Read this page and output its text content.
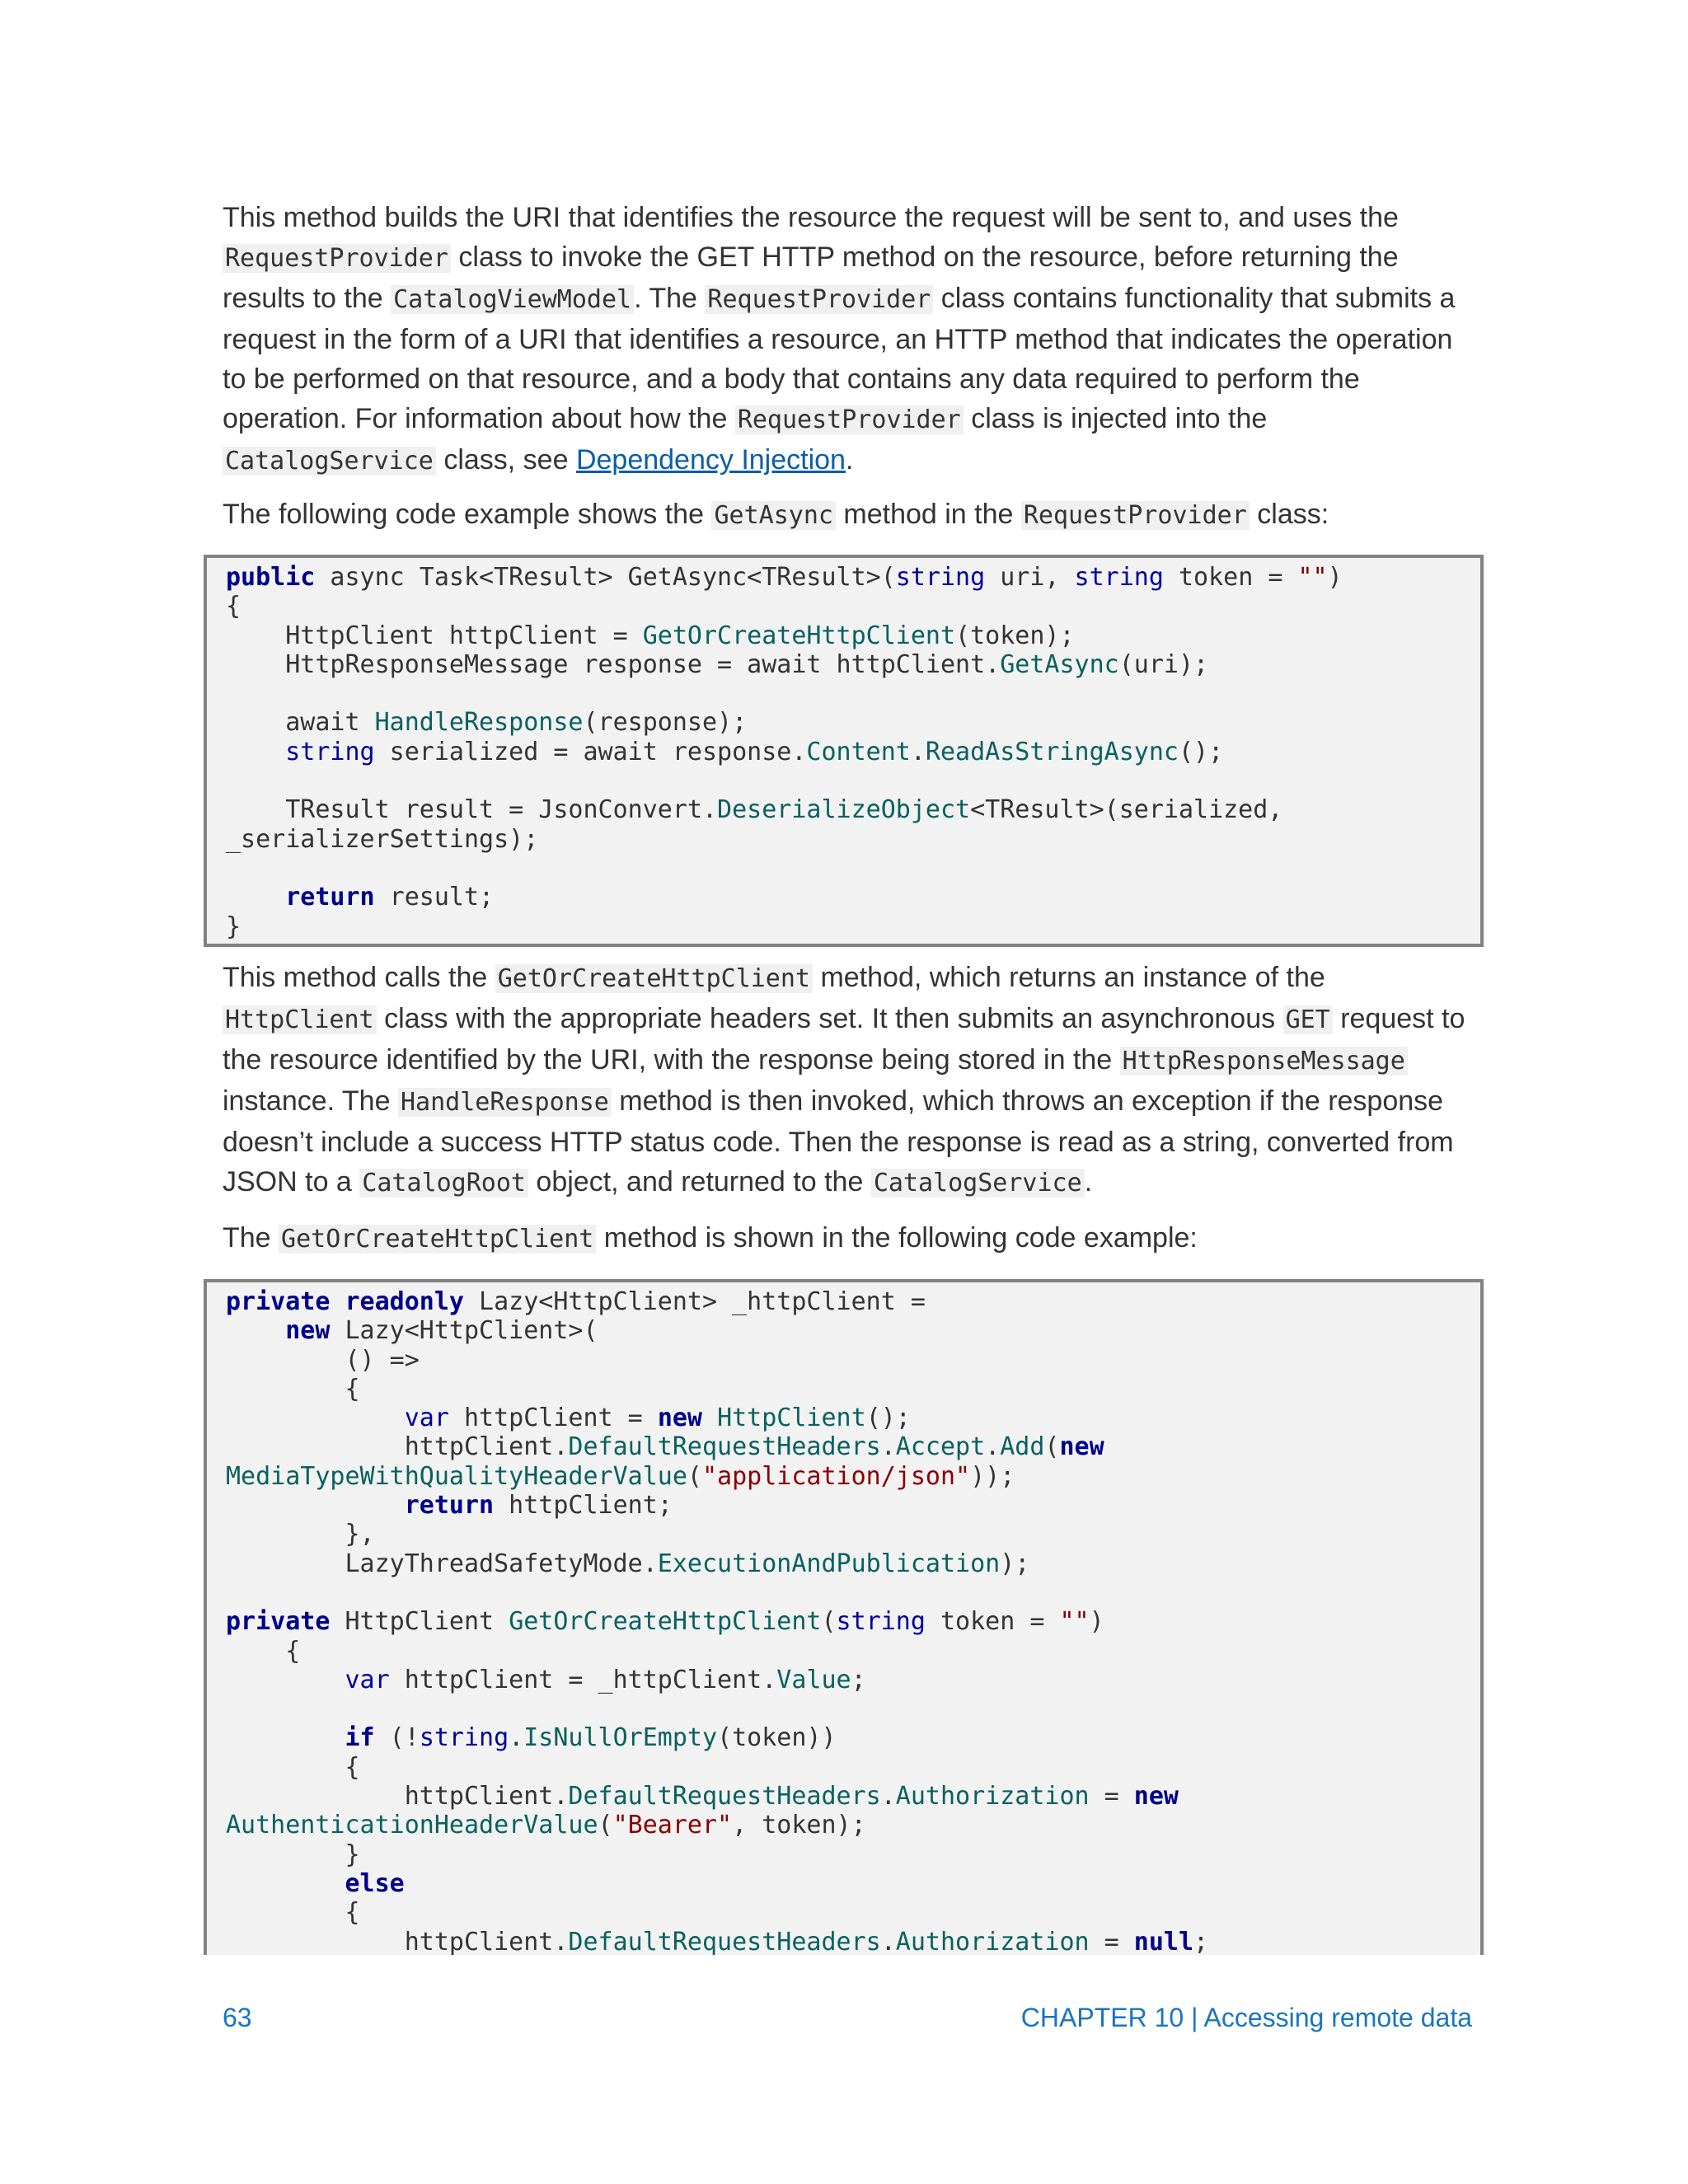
This method builds the URI that identifies the resource the request will be sent to, and uses the RequestProvider class to invoke the GET HTTP method on the resource, before returning the results to the CatalogViewModel. The RequestProvider class contains functionality that submits a request in the form of a URI that identifies a resource, an HTTP method that indicates the operation to be performed on that resource, and a body that contains any data required to perform the operation. For information about how the RequestProvider class is injected into the CatalogService class, see Dependency Injection.

The following code example shows the GetAsync method in the RequestProvider class:

public async Task<TResult> GetAsync<TResult>(string uri, string token = "")
{
HttpClient httpClient = GetOrCreateHttpClient(token);
HttpResponseMessage response = await httpClient.GetAsync(uri);

await HandleResponse(response);
string serialized = await response.Content.ReadAsStringAsync();

TResult result = JsonConvert.DeserializeObject<TResult>(serialized,
_serializerSettings);

return result;
}

This method calls the GetOrCreateHttpClient method, which returns an instance of the HttpClient class with the appropriate headers set. It then submits an asynchronous GET request to the resource identified by the URI, with the response being stored in the HttpResponseMessage instance. The HandleResponse method is then invoked, which throws an exception if the response doesn’t include a success HTTP status code. Then the response is read as a string, converted from JSON to a CatalogRoot object, and returned to the CatalogService.

The GetOrCreateHttpClient method is shown in the following code example:

private readonly Lazy<HttpClient> _httpClient =
new Lazy<HttpClient>(
() =>
{
var httpClient = new HttpClient();
httpClient.DefaultRequestHeaders.Accept.Add(new
MediaTypeWithQualityHeaderValue("application/json"));
return httpClient;
},
LazyThreadSafetyMode.ExecutionAndPublication);

private HttpClient GetOrCreateHttpClient(string token = "")
{
var httpClient = _httpClient.Value;

if (!string.IsNullOrEmpty(token))
{
httpClient.DefaultRequestHeaders.Authorization = new
AuthenticationHeaderValue("Bearer", token);
}
else
{
httpClient.DefaultRequestHeaders.Authorization = null;
63	CHAPTER 10 | Accessing remote data
